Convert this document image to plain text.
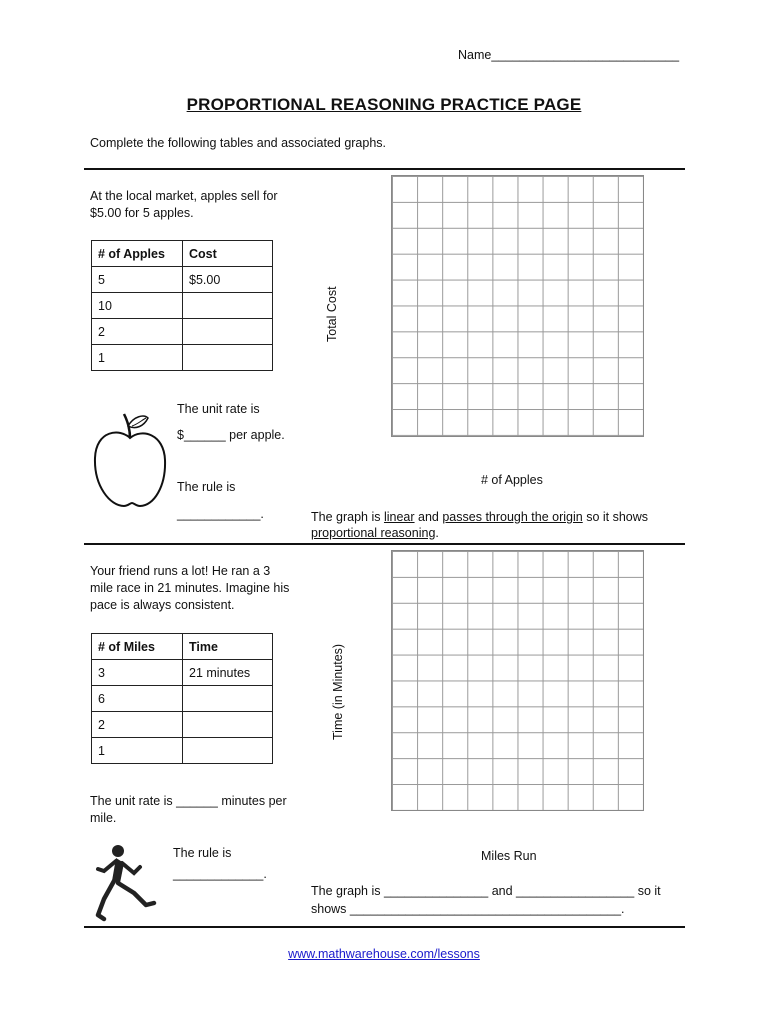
Name___________________________
PROPORTIONAL REASONING PRACTICE PAGE
Complete the following tables and associated graphs.
At the local market, apples sell for
$5.00 for 5 apples.
# of Apples	Cost
5	$5.00
10	
2	
1	
The unit rate is
$______ per apple.
The rule is
____________.
Total Cost
# of Apples
The graph is linear and passes through the origin so it shows
proportional reasoning.
Your friend runs a lot! He ran a 3
mile race in 21 minutes. Imagine his
pace is always consistent.
# of Miles	Time
3	21 minutes
6	
2	
1	
The unit rate is ______ minutes per
mile.
The rule is
_____________.
Time (in Minutes)
Miles Run
The graph is _______________ and _________________ so it
shows _______________________________________.
www.mathwarehouse.com/lessons
